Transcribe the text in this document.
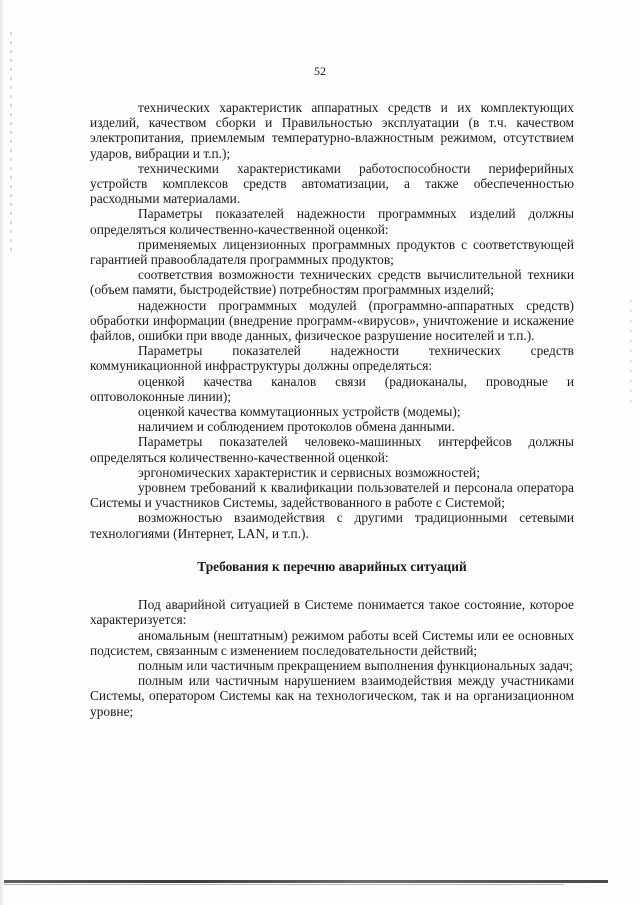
52

технических характеристик аппаратных средств и их комплектующих изделий, качеством сборки и Правильностью эксплуатации (в т.ч. качеством электропитания, приемлемым температурно-влажностным режимом, отсутствием ударов, вибрации и т.п.);

техническими характеристиками работоспособности периферийных устройств комплексов средств автоматизации, а также обеспеченностью расходными материалами.

Параметры показателей надежности программных изделий должны определяться количественно-качественной оценкой:

применяемых лицензионных программных продуктов с соответствующей гарантией правообладателя программных продуктов;

соответствия возможности технических средств вычислительной техники (объем памяти, быстродействие) потребностям программных изделий;

надежности программных модулей (программно-аппаратных средств) обработки информации (внедрение программ-«вирусов», уничтожение и искажение файлов, ошибки при вводе данных, физическое разрушение носителей и т.п.).

Параметры показателей надежности технических средств коммуникационной инфраструктуры должны определяться:

оценкой качества каналов связи (радиоканалы, проводные и оптоволоконные линии);

оценкой качества коммутационных устройств (модемы);

наличием и соблюдением протоколов обмена данными.

Параметры показателей человеко-машинных интерфейсов должны определяться количественно-качественной оценкой:

эргономических характеристик и сервисных возможностей;

уровнем требований к квалификации пользователей и персонала оператора Системы и участников Системы, задействованного в работе с Системой;

возможностью взаимодействия с другими традиционными сетевыми технологиями (Интернет, LAN, и т.п.).

Требования к перечню аварийных ситуаций

Под аварийной ситуацией в Системе понимается такое состояние, которое характеризуется:

аномальным (нештатным) режимом работы всей Системы или ее основных подсистем, связанным с изменением последовательности действий;

полным или частичным прекращением выполнения функциональных задач;

полным или частичным нарушением взаимодействия между участниками Системы, оператором Системы как на технологическом, так и на организационном уровне;
